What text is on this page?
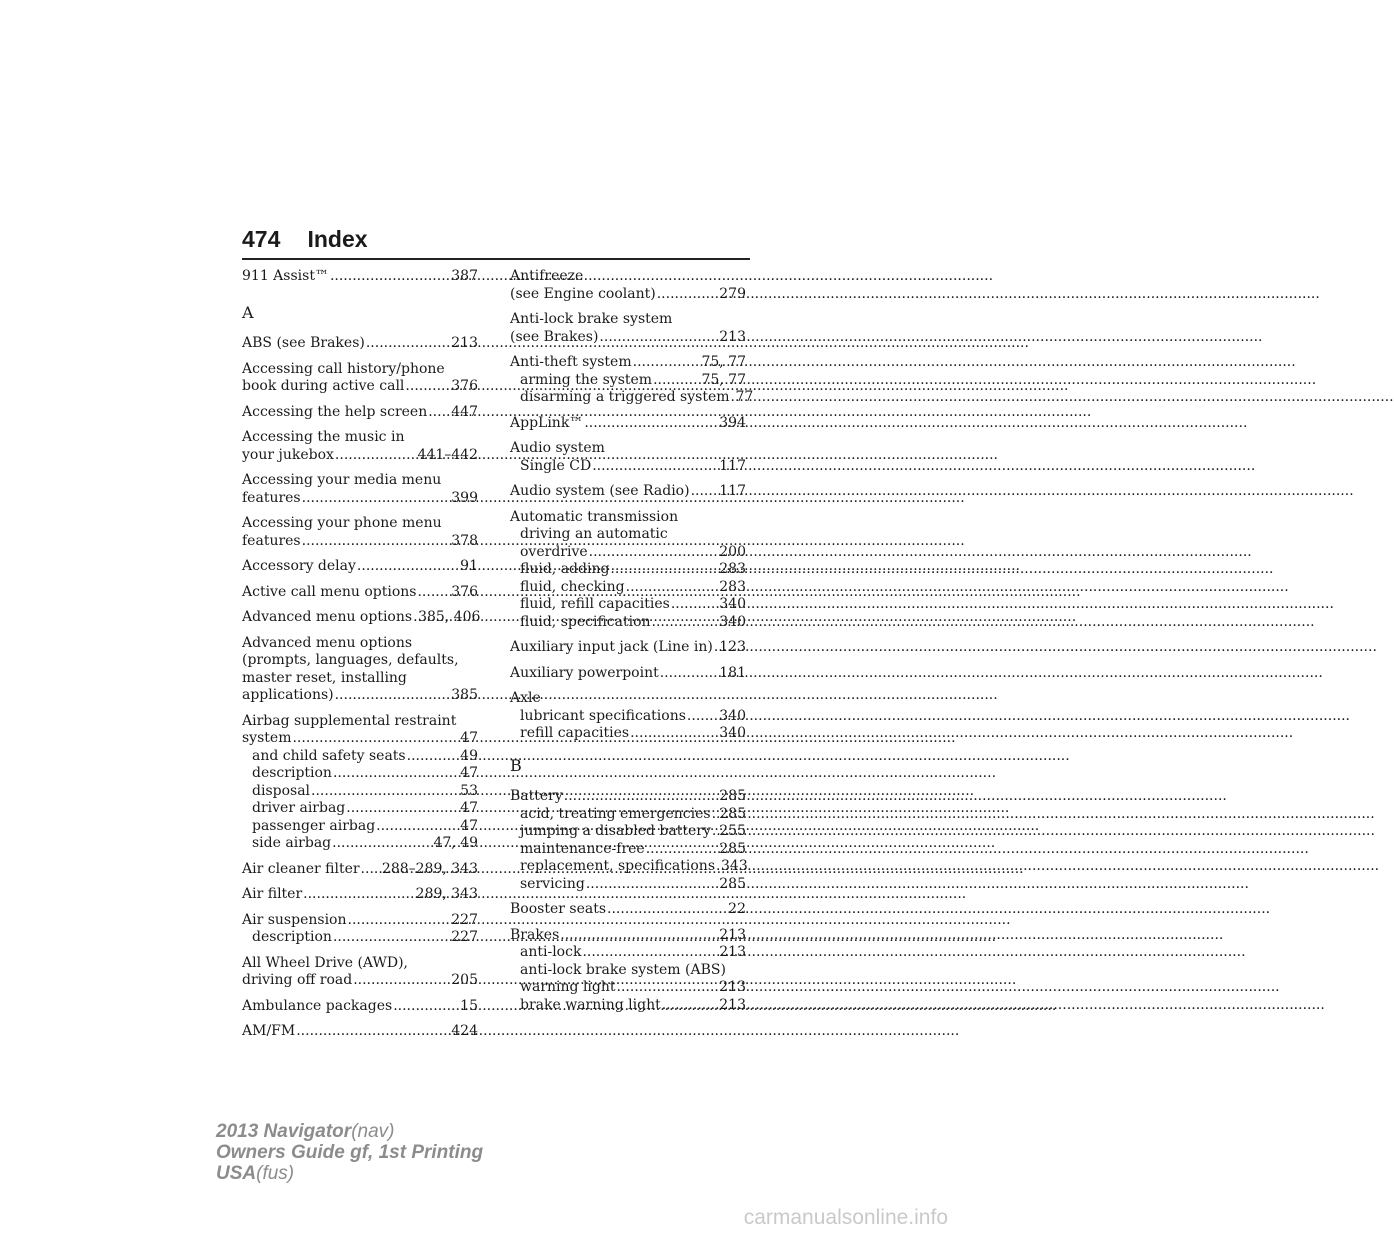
474 Index
911 Assist™ .....	387
A
ABS (see Brakes) .....	213
Accessing call history/phone
book during active call .....	376
Accessing the help screen ..... 447
Accessing the music in
your jukebox .....	441–442
Accessing your media menu
features .....	399
Accessing your phone menu
features .....	378
Accessory delay .....	91
Active call menu options ..... 376
Advanced menu options ..... 385, 406
Advanced menu options
(prompts, languages, defaults,
master reset, installing
applications) .....	385
Airbag supplemental restraint
system .....	47
and child safety seats .....	49
description .....	47
disposal .....	53
driver airbag .....	47
passenger airbag .....	47
side airbag .....	47, 49
Air cleaner filter ..... 288–289, 343
Air filter .....	289, 343
Air suspension .....	227
description .....	227
All Wheel Drive (AWD),
driving off road .....	205
Ambulance packages .....	15
AM/FM .....	424
Antifreeze
(see Engine coolant) .....	279
Anti-lock brake system
(see Brakes) .....	213
Anti-theft system .....	75, 77
arming the system .....	75, 77
disarming a triggered system ..... 77
AppLink™ .....	394
Audio system
Single CD .....	117
Audio system (see Radio) ..... 117
Automatic transmission
driving an automatic
overdrive .....	200
fluid, adding .....	283
fluid, checking .....	283
fluid, refill capacities .....	340
fluid, specification .....	340
Auxiliary input jack (Line in) ..... 123
Auxiliary powerpoint .....	181
Axle
lubricant specifications ..... 340
refill capacities .....	340
B
Battery .....	285
acid, treating emergencies ..... 285
jumping a disabled battery ..... 255
maintenance-free .....	285
replacement, specifications ..... 343
servicing .....	285
Booster seats .....	22
Brakes .....	213
anti-lock .....	213
anti-lock brake system (ABS)
warning light .....	213
brake warning light .....	213
2013 Navigator(nav)
Owners Guide gf, 1st Printing
USA(fus)
carmanualsonline.info
